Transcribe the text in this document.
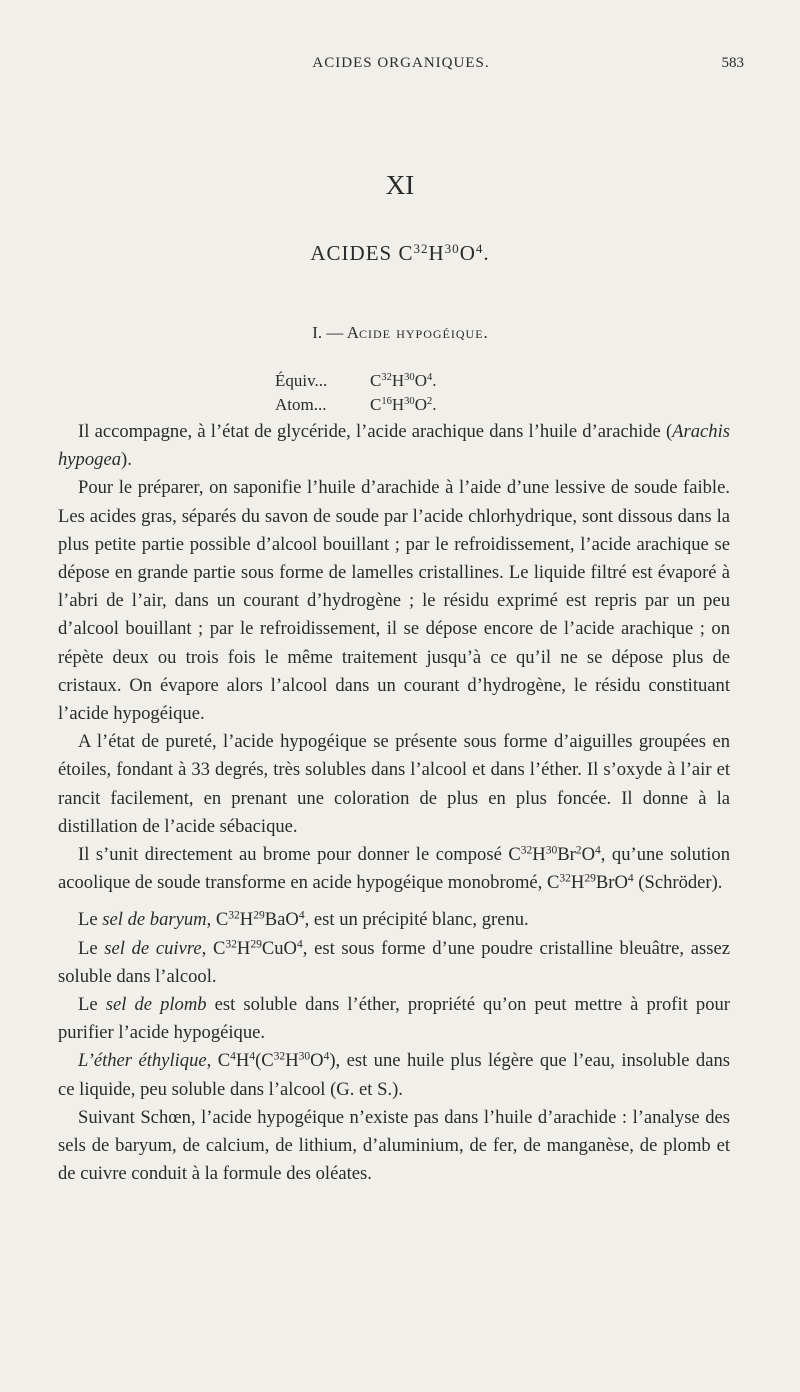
ACIDES ORGANIQUES.	583
XI
ACIDES $C^{32}H^{30}O^4$.
I. — Acide hypogéique.
Équiv...	$C^{32}H^{30}O^4$.
Atom...	$C^{16}H^{30}O^2$.

Il accompagne, à l’état de glycéride, l’acide arachique dans l’huile d’arachide (Arachis hypogea).

Pour le préparer, on saponifie l’huile d’arachide à l’aide d’une lessive de soude faible. Les acides gras, séparés du savon de soude par l’acide chlorhydrique, sont dissous dans la plus petite partie possible d’alcool bouillant ; par le refroidissement, l’acide arachique se dépose en grande partie sous forme de lamelles cristallines. Le liquide filtré est évaporé à l’abri de l’air, dans un courant d’hydrogène ; le résidu exprimé est repris par un peu d’alcool bouillant ; par le refroidissement, il se dépose encore de l’acide arachique ; on répète deux ou trois fois le même traitement jusqu’à ce qu’il ne se dépose plus de cristaux. On évapore alors l’alcool dans un courant d’hydrogène, le résidu constituant l’acide hypogéique.

A l’état de pureté, l’acide hypogéique se présente sous forme d’aiguilles groupées en étoiles, fondant à 33 degrés, très solubles dans l’alcool et dans l’éther. Il s’oxyde à l’air et rancit facilement, en prenant une coloration de plus en plus foncée. Il donne à la distillation de l’acide sébacique.

Il s’unit directement au brome pour donner le composé $C^{32}H^{30}Br^2O^4$, qu’une solution acoolique de soude transforme en acide hypogéique monobromé, $C^{32}H^{29}BrO^4$ (Schröder).

Le sel de baryum, $C^{32}H^{29}BaO^4$, est un précipité blanc, grenu.

Le sel de cuivre, $C^{32}H^{29}CuO^4$, est sous forme d’une poudre cristalline bleuâtre, assez soluble dans l’alcool.

Le sel de plomb est soluble dans l’éther, propriété qu’on peut mettre à profit pour purifier l’acide hypogéique.

L’éther éthylique, $C^4H^4(C^{32}H^{30}O^4)$, est une huile plus légère que l’eau, insoluble dans ce liquide, peu soluble dans l’alcool (G. et S.).

Suivant Schœn, l’acide hypogéique n’existe pas dans l’huile d’arachide : l’analyse des sels de baryum, de calcium, de lithium, d’aluminium, de fer, de manganèse, de plomb et de cuivre conduit à la formule des oléates.
